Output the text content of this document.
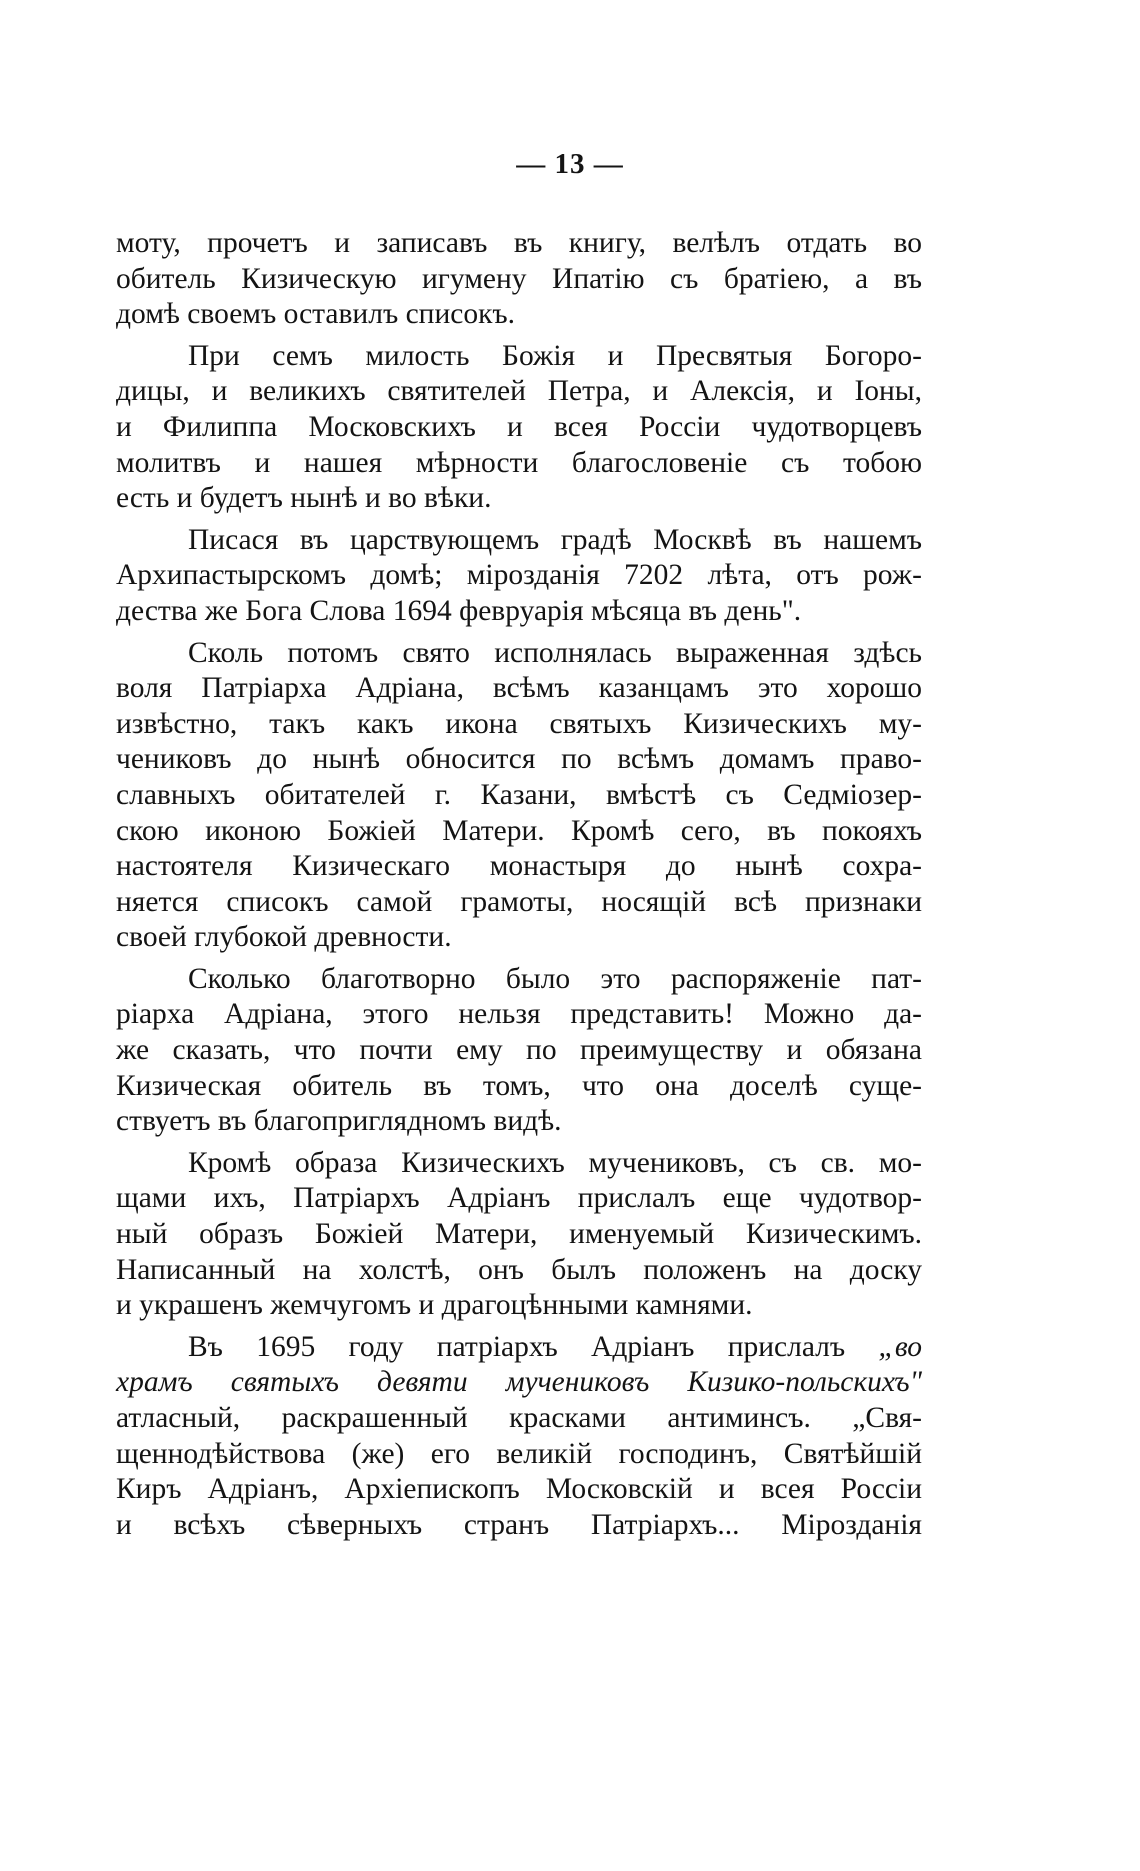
— 13 —
моту, прочетъ и записавъ въ книгу, велѣлъ отдать во
обитель Кизическую игумену Ипатію съ братіею, а въ
домѣ своемъ оставилъ списокъ.
При семъ милость Божія и Пресвятыя Богоро-
дицы, и великихъ святителей Петра, и Алексія, и Іоны,
и Филиппа Московскихъ и всея Россіи чудотворцевъ
молитвъ и нашея мѣрности благословеніе съ тобою
есть и будетъ нынѣ и во вѣки.
Писася въ царствующемъ градѣ Москвѣ въ нашемъ
Архипастырскомъ домѣ; мірозданія 7202 лѣта, отъ рож-
дества же Бога Слова 1694 февруарія мѣсяца въ день".
Сколь потомъ свято исполнялась выраженная здѣсь
воля Патріарха Адріана, всѣмъ казанцамъ это хорошо
извѣстно, такъ какъ икона святыхъ Кизическихъ му-
чениковъ до нынѣ обносится по всѣмъ домамъ право-
славныхъ обитателей г. Казани, вмѣстѣ съ Седміозер-
скою иконою Божіей Матери. Кромѣ сего, въ покояхъ
настоятеля Кизическаго монастыря до нынѣ сохра-
няется списокъ самой грамоты, носящій всѣ признаки
своей глубокой древности.
Сколько благотворно было это распоряженіе пат-
ріарха Адріана, этого нельзя представить! Можно да-
же сказать, что почти ему по преимуществу и обязана
Кизическая обитель въ томъ, что она доселѣ суще-
ствуетъ въ благоприглядномъ видѣ.
Кромѣ образа Кизическихъ мучениковъ, съ св. мо-
щами ихъ, Патріархъ Адріанъ прислалъ еще чудотвор-
ный образъ Божіей Матери, именуемый Кизическимъ.
Написанный на холстѣ, онъ былъ положенъ на доску
и украшенъ жемчугомъ и драгоцѣнными камнями.
Въ 1695 году патріархъ Адріанъ прислалъ „во
храмъ святыхъ девяти мучениковъ Кизико-польскихъ"
атласный, раскрашенный красками антиминсъ. „Свя-
щеннодѣйствова (же) его великій господинъ, Святѣйшій
Киръ Адріанъ, Архіепископъ Московскій и всея Россіи
и всѣхъ сѣверныхъ странъ Патріархъ... Мірозданія
